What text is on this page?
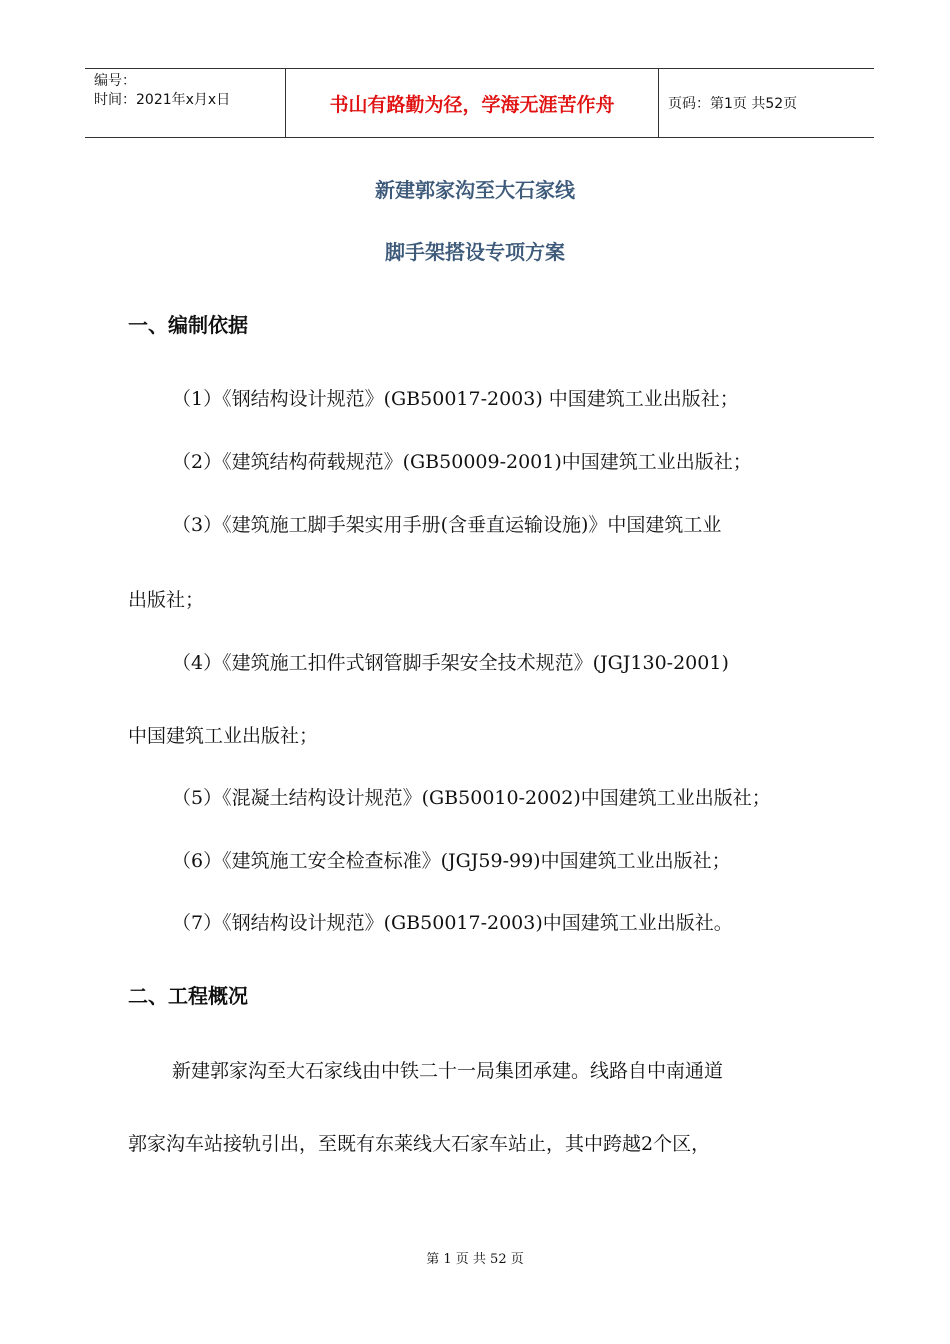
编号：
时间：2021年x月x日	书山有路勤为径，学海无涯苦作舟	页码：第1页 共52页
新建郭家沟至大石家线
脚手架搭设专项方案
一、编制依据
（1）《钢结构设计规范》(GB50017-2003) 中国建筑工业出版社；
（2）《建筑结构荷载规范》(GB50009-2001)中国建筑工业出版社；
（3）《建筑施工脚手架实用手册(含垂直运输设施)》中国建筑工业
出版社；
（4）《建筑施工扣件式钢管脚手架安全技术规范》(JGJ130-2001)
中国建筑工业出版社；
（5）《混凝土结构设计规范》(GB50010-2002)中国建筑工业出版社；
（6）《建筑施工安全检查标准》(JGJ59-99)中国建筑工业出版社；
（7）《钢结构设计规范》(GB50017-2003)中国建筑工业出版社。
二、工程概况
新建郭家沟至大石家线由中铁二十一局集团承建。线路自中南通道
郭家沟车站接轨引出，至既有东莱线大石家车站止，其中跨越2个区，
第 1 页 共 52 页
